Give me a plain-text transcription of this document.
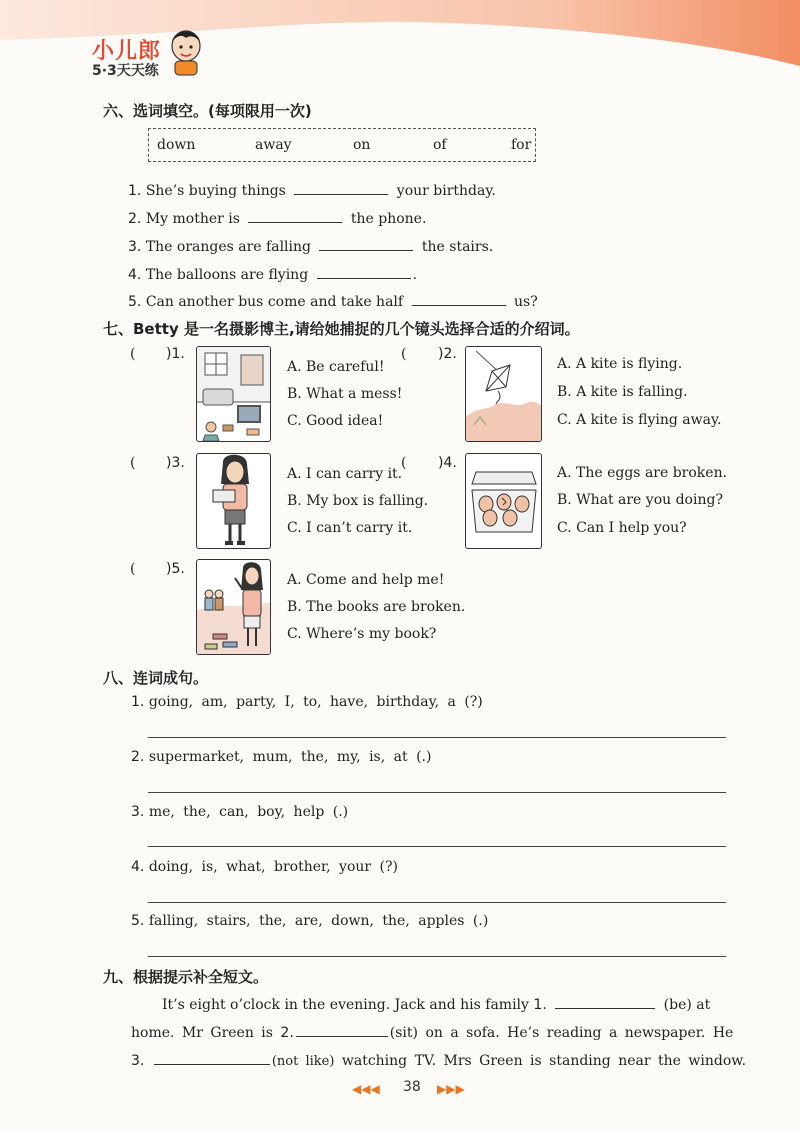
小儿郎
5·3天天练
六、选词填空。(每项限用一次)
down	away	on	of	for
1. She’s buying things	your birthday.
2. My mother is	the phone.
3. The oranges are falling	the stairs.
4. The balloons are flying	.
5. Can another bus come and take half	us?
七、Betty 是一名摄影博主,请给她捕捉的几个镜头选择合适的介绍词。
( )1.
A. Be careful!
B. What a mess!
C. Good idea!
( )2.
A. A kite is flying.
B. A kite is falling.
C. A kite is flying away.
( )3.
A. I can carry it.
B. My box is falling.
C. I can’t carry it.
( )4.
A. The eggs are broken.
B. What are you doing?
C. Can I help you?
( )5.
A. Come and help me!
B. The books are broken.
C. Where’s my book?
八、连词成句。
1. going, am, party, I, to, have, birthday, a (?)
2. supermarket, mum, the, my, is, at (.)
3. me, the, can, boy, help (.)
4. doing, is, what, brother, your (?)
5. falling, stairs, the, are, down, the, apples (.)
九、根据提示补全短文。
It’s eight o’clock in the evening. Jack and his family 1.	(be) at
home. Mr Green is 2.	(sit) on a sofa. He’s reading a newspaper. He
3.	(not like) watching TV. Mrs Green is standing near the window.
◀◀◀ 38 ▶▶▶
